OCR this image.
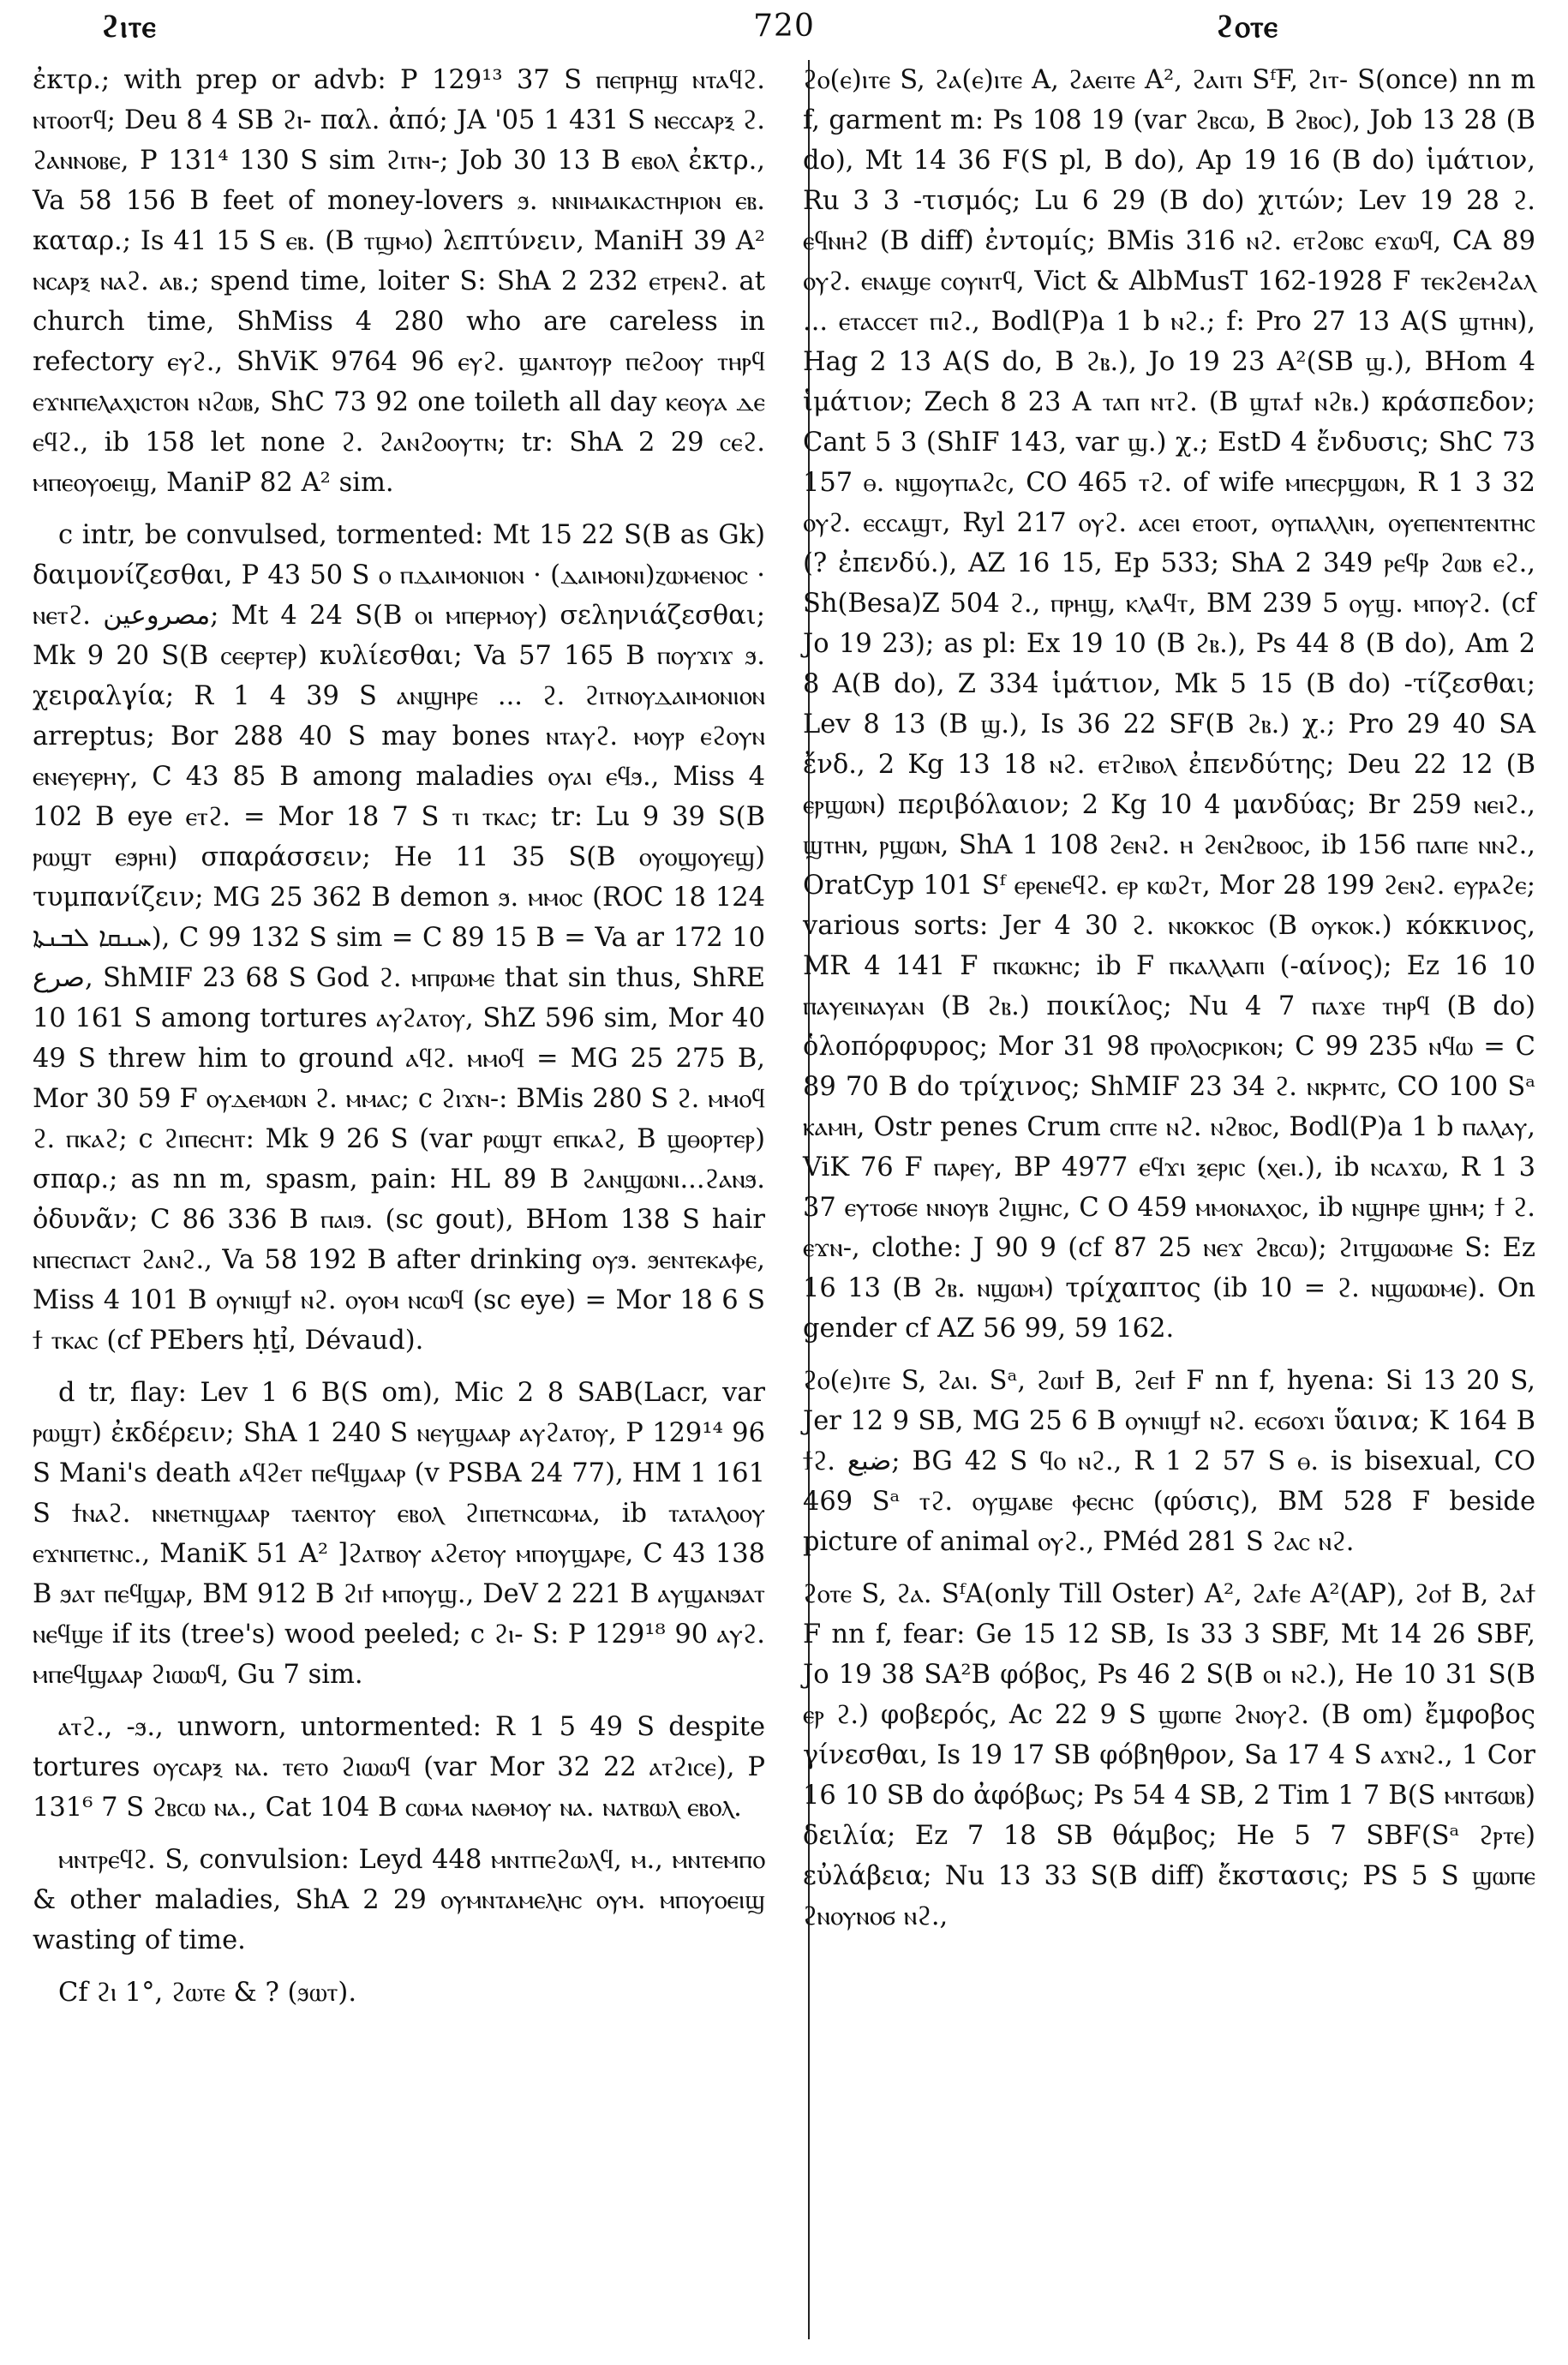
ϩⲓⲧⲉ	720	ϩⲟⲧⲉ

ἐκτρ.; with prep or advb: P 129¹³ 37 S ⲡⲉⲡⲣⲏϣ ⲛⲧⲁϥϩ. ⲛⲧⲟⲟⲧϥ; Deu 8 4 SB ϩⲓ- παλ. ἀπό; JA '05 1 431 S ⲛⲉⲥⲥⲁⲣⲝ ϩ. ϩⲁⲛⲛⲟⲃⲉ, P 131⁴ 130 S sim ϩⲓⲧⲛ-; Job 30 13 B ⲉⲃⲟⲗ ἐκτρ., Va 58 156 B feet of money-lovers ϧ. ⲛⲛⲓⲙⲁⲓⲕⲁⲥⲧⲏⲣⲓⲟⲛ ⲉⲃ. καταρ.; Is 41 15 S ⲉⲃ. (B ⲧϣⲙⲟ) λεπτύνειν, ManiH 39 A² ⲛⲥⲁⲣⲝ ⲛⲁϩ. ⲁⲃ.; spend time, loiter S: ShA 2 232 ⲉⲧⲣⲉⲛϩ. at church time, ShMiss 4 280 who are careless in refectory ⲉⲩϩ., ShViK 9764 96 ⲉⲩϩ. ϣⲁⲛⲧⲟⲩⲣ ⲡⲉϩⲟⲟⲩ ⲧⲏⲣϥ ⲉϫⲛⲡⲉⲗⲁⲭⲓⲥⲧⲟⲛ ⲛϩⲱⲃ, ShC 73 92 one toileth all day ⲕⲉⲟⲩⲁ ⲇⲉ ⲉϥϩ., ib 158 let none ϩ. ϩⲁⲛϩⲟⲟⲩⲧⲛ; tr: ShA 2 29 ⲥⲉϩ. ⲙⲡⲉⲟⲩⲟⲉⲓϣ, ManiP 82 A² sim.

c intr, be convulsed, tormented: Mt 15 22 S(B as Gk) δαιμονίζεσθαι, P 43 50 S ⲟ ⲡⲇⲁⲓⲙⲟⲛⲓⲟⲛ · (ⲇⲁⲓⲙⲟⲛⲓ)ⲍⲱⲙⲉⲛⲟⲥ · ⲛⲉⲧϩ. مصروعين; Mt 4 24 S(B ⲟⲓ ⲙⲡⲉⲣⲙⲟⲩ) σεληνιάζεσθαι; Mk 9 20 S(B ⲥⲉⲉⲣⲧⲉⲣ) κυλίεσθαι; Va 57 165 B ⲡⲟⲩϫⲓϫ ϧ. χειραλγία; R 1 4 39 S ⲁⲛϣⲏⲣⲉ ... ϩ. ϩⲓⲧⲛⲟⲩⲇⲁⲓⲙⲟⲛⲓⲟⲛ arreptus; Bor 288 40 S may bones ⲛⲧⲁⲩϩ. ⲙⲟⲩⲣ ⲉϩⲟⲩⲛ ⲉⲛⲉⲩⲉⲣⲏⲩ, C 43 85 B among maladies ⲟⲩⲁⲓ ⲉϥϧ., Miss 4 102 B eye ⲉⲧϩ. = Mor 18 7 S ⲧⲓ ⲧⲕⲁⲥ; tr: Lu 9 39 S(B ⲣⲱϣⲧ ⲉϧⲣⲏⲓ) σπαράσσειν; He 11 35 S(B ⲟⲩⲟϣⲟⲩⲉϣ) τυμπανίζειν; MG 25 362 B demon ϧ. ⲙⲙⲟⲥ (ROC 18 124 ܚܢܩܐ ܠܒܢܬܐ), C 99 132 S sim = C 89 15 B = Va ar 172 10 صرع, ShMIF 23 68 S God ϩ. ⲙⲡⲣⲱⲙⲉ that sin thus, ShRE 10 161 S among tortures ⲁⲩϩⲁⲧⲟⲩ, ShZ 596 sim, Mor 40 49 S threw him to ground ⲁϥϩ. ⲙⲙⲟϥ = MG 25 275 B, Mor 30 59 F ⲟⲩⲇⲉⲙⲱⲛ ϩ. ⲙⲙⲁⲥ; c ϩⲓϫⲛ-: BMis 280 S ϩ. ⲙⲙⲟϥ ϩ. ⲡⲕⲁϩ; c ϩⲓⲡⲉⲥⲏⲧ: Mk 9 26 S (var ⲣⲱϣⲧ ⲉⲡⲕⲁϩ, B ϣⲑⲟⲣⲧⲉⲣ) σπαρ.; as nn m, spasm, pain: HL 89 B ϩⲁⲛϣⲱⲛⲓ...ϩⲁⲛϧ. ὀδυνᾶν; C 86 336 B ⲡⲁⲓϧ. (sc gout), BHom 138 S hair ⲛⲡⲉⲥⲡⲁⲥⲧ ϩⲁⲛϩ., Va 58 192 B after drinking ⲟⲩϧ. ϧⲉⲛⲧⲉⲕⲁⲫⲉ, Miss 4 101 B ⲟⲩⲛⲓϣϯ ⲛϩ. ⲟⲩⲟⲙ ⲛⲥⲱϥ (sc eye) = Mor 18 6 S ϯ ⲧⲕⲁⲥ (cf PEbers ḥṯỉ, Dévaud).

d tr, flay: Lev 1 6 B(S om), Mic 2 8 SAB(Lacr, var ⲣⲱϣⲧ) ἐκδέρειν; ShA 1 240 S ⲛⲉⲩϣⲁⲁⲣ ⲁⲩϩⲁⲧⲟⲩ, P 129¹⁴ 96 S Mani's death ⲁϥϩⲉⲧ ⲡⲉϥϣⲁⲁⲣ (v PSBA 24 77), HM 1 161 S ϯⲛⲁϩ. ⲛⲛⲉⲧⲛϣⲁⲁⲣ ⲧⲁⲉⲛⲧⲟⲩ ⲉⲃⲟⲗ ϩⲓⲡⲉⲧⲛⲥⲱⲙⲁ, ib ⲧⲁⲧⲁⲗⲟⲟⲩ ⲉϫⲛⲡⲉⲧⲛⲥ., ManiK 51 A² ]ϩⲁⲧⲃⲟⲩ ⲁϩⲉⲧⲟⲩ ⲙⲡⲟⲩϣⲁⲣⲉ, C 43 138 B ϧⲁⲧ ⲡⲉϥϣⲁⲣ, BM 912 B ϩⲓϯ ⲙⲡⲟⲩϣ., DeV 2 221 B ⲁⲩϣⲁⲛϧⲁⲧ ⲛⲉϥϣⲉ if its (tree's) wood peeled; c ϩⲓ- S: P 129¹⁸ 90 ⲁⲩϩ. ⲙⲡⲉϥϣⲁⲁⲣ ϩⲓⲱⲱϥ, Gu 7 sim.

ⲁⲧϩ., -ϧ., unworn, untormented: R 1 5 49 S despite tortures ⲟⲩⲥⲁⲣⲝ ⲛⲁ. ⲧⲉⲧⲟ ϩⲓⲱⲱϥ (var Mor 32 22 ⲁⲧϩⲓⲥⲉ), P 131⁶ 7 S ϩⲃⲥⲱ ⲛⲁ., Cat 104 B ⲥⲱⲙⲁ ⲛⲁⲑⲙⲟⲩ ⲛⲁ. ⲛⲁⲧⲃⲱⲗ ⲉⲃⲟⲗ.

ⲙⲛⲧⲣⲉϥϩ. S, convulsion: Leyd 448 ⲙⲛⲧⲡⲉϩⲱⲗϥ, ⲙ., ⲙⲛⲧⲉⲙⲡⲟ & other maladies, ShA 2 29 ⲟⲩⲙⲛⲧⲁⲙⲉⲗⲏⲥ ⲟⲩⲙ. ⲙⲡⲟⲩⲟⲉⲓϣ wasting of time.

Cf ϩⲓ 1°, ϩⲱⲧⲉ & ? (ϧⲱⲧ).

ϩⲟ(ⲉ)ⲓⲧⲉ S, ϩⲁ(ⲉ)ⲓⲧⲉ A, ϩⲁⲉⲓⲧⲉ A², ϩⲁⲓⲧⲓ SᶠF, ϩⲓⲧ- S(once) nn m f, garment m: Ps 108 19 (var ϩⲃⲥⲱ, B ϩⲃⲟⲥ), Job 13 28 (B do), Mt 14 36 F(S pl, B do), Ap 19 16 (B do) ἱμάτιον, Ru 3 3 -τισμός; Lu 6 29 (B do) χιτών; Lev 19 28 ϩ. ⲉϥⲛⲏϩ (B diff) ἐντομίς; BMis 316 ⲛϩ. ⲉⲧϩⲟⲃⲥ ⲉϫⲱϥ, CA 89 ⲟⲩϩ. ⲉⲛⲁϣⲉ ⲥⲟⲩⲛⲧϥ, Vict & AlbMusT 162-1928 F ⲧⲉⲕϩⲉⲙϩⲁⲗ ... ⲉⲧⲁⲥⲥⲉⲧ ⲡⲓϩ., Bodl(P)a 1 b ⲛϩ.; f: Pro 27 13 A(S ϣⲧⲏⲛ), Hag 2 13 A(S do, B ϩⲃ.), Jo 19 23 A²(SB ϣ.), BHom 4 ἱμάτιον; Zech 8 23 A ⲧⲁⲡ ⲛⲧϩ. (B ϣⲧⲁϯ ⲛϩⲃ.) κράσπεδον; Cant 5 3 (ShIF 143, var ϣ.) χ.; EstD 4 ἔνδυσις; ShC 73 157 ⲑ. ⲛϣⲟⲩⲡⲁϩⲥ, CO 465 ⲧϩ. of wife ⲙⲡⲉⲥⲣϣⲱⲛ, R 1 3 32 ⲟⲩϩ. ⲉⲥⲥⲁϣⲧ, Ryl 217 ⲟⲩϩ. ⲁⲥⲉⲓ ⲉⲧⲟⲟⲧ, ⲟⲩⲡⲁⲗⲗⲓⲛ, ⲟⲩⲉⲡⲉⲛⲧⲉⲛⲧⲏⲥ (? ἐπενδύ.), AZ 16 15, Ep 533; ShA 2 349 ⲣⲉϥⲣ ϩⲱⲃ ⲉϩ., Sh(Besa)Z 504 ϩ., ⲡⲣⲏϣ, ⲕⲗⲁϥⲧ, BM 239 5 ⲟⲩϣ. ⲙⲡⲟⲩϩ. (cf Jo 19 23); as pl: Ex 19 10 (B ϩⲃ.), Ps 44 8 (B do), Am 2 8 A(B do), Z 334 ἱμάτιον, Mk 5 15 (B do) -τίζεσθαι; Lev 8 13 (B ϣ.), Is 36 22 SF(B ϩⲃ.) χ.; Pro 29 40 SA ἔνδ., 2 Kg 13 18 ⲛϩ. ⲉⲧϩⲓⲃⲟⲗ ἐπενδύτης; Deu 22 12 (B ⲉⲣϣⲱⲛ) περιβόλαιον; 2 Kg 10 4 μανδύας; Br 259 ⲛⲉⲓϩ., ϣⲧⲏⲛ, ⲣϣⲱⲛ, ShA 1 108 ϩⲉⲛϩ. ⲏ ϩⲉⲛϩⲃⲟⲟⲥ, ib 156 ⲡⲁⲡⲉ ⲛⲛϩ., OratCyp 101 Sᶠ ⲉⲣⲉⲛⲉϥϩ. ⲉⲣ ⲕⲱϩⲧ, Mor 28 199 ϩⲉⲛϩ. ⲉⲩⲣⲁϩⲉ; various sorts: Jer 4 30 ϩ. ⲛⲕⲟⲕⲕⲟⲥ (B ⲟⲩⲕⲟⲕ.) κόκκινος, MR 4 141 F ⲡⲕⲱⲕⲏⲥ; ib F ⲡⲕⲁⲗⲗⲁⲡⲓ (-αίνος); Ez 16 10 ⲡⲁⲩⲉⲓⲛⲁⲩⲁⲛ (B ϩⲃ.) ποικίλος; Nu 4 7 ⲡⲁϫⲉ ⲧⲏⲣϥ (B do) ὁλοπόρφυρος; Mor 31 98 ⲡⲣⲟⲗⲟⲥⲣⲓⲕⲟⲛ; C 99 235 ⲛϥⲱ = C 89 70 B do τρίχινος; ShMIF 23 34 ϩ. ⲛⲕⲣⲙⲧⲥ, CO 100 Sᵃ ⲕⲁⲙⲏ, Ostr penes Crum ⲥⲡⲧⲉ ⲛϩ. ⲛϩⲃⲟⲥ, Bodl(P)a 1 b ⲡⲁⲗⲁⲩ, ViK 76 F ⲡⲁⲣⲉⲩ, BP 4977 ⲉϥϫⲓ ⲝⲉⲣⲓⲥ (ⲭⲉⲓ.), ib ⲛⲥⲁϫⲱ, R 1 3 37 ⲉⲩⲧⲟϭⲉ ⲛⲛⲟⲩⲃ ϩⲓϣⲏⲥ, C O 459 ⲙⲙⲟⲛⲁⲭⲟⲥ, ib ⲛϣⲏⲣⲉ ϣⲏⲙ; ϯ ϩ. ⲉϫⲛ-, clothe: J 90 9 (cf 87 25 ⲛⲉϫ ϩⲃⲥⲱ); ϩⲓⲧϣⲱⲱⲙⲉ S: Ez 16 13 (B ϩⲃ. ⲛϣⲱⲙ) τρίχαπτος (ib 10 = ϩ. ⲛϣⲱⲱⲙⲉ). On gender cf AZ 56 99, 59 162.

ϩⲟ(ⲉ)ⲓⲧⲉ S, ϩⲁⲓ. Sᵃ, ϩⲱⲓϯ B, ϩⲉⲓϯ F nn f, hyena: Si 13 20 S, Jer 12 9 SB, MG 25 6 B ⲟⲩⲛⲓϣϯ ⲛϩ. ⲉⲥϭⲟϫⲓ ὕαινα; K 164 B ϯϩ. ضبع; BG 42 S ϥⲟ ⲛϩ., R 1 2 57 S ⲑ. is bisexual, CO 469 Sᵃ ⲧϩ. ⲟⲩϣⲁⲃⲉ ⲫⲉⲥⲏⲥ (φύσις), BM 528 F beside picture of animal ⲟⲩϩ., PMéd 281 S ϩⲁⲥ ⲛϩ.

ϩⲟⲧⲉ S, ϩⲁ. SᶠA(only Till Oster) A², ϩⲁϯⲉ A²(AP), ϩⲟϯ B, ϩⲁϯ F nn f, fear: Ge 15 12 SB, Is 33 3 SBF, Mt 14 26 SBF, Jo 19 38 SA²B φόβος, Ps 46 2 S(B ⲟⲓ ⲛϩ.), He 10 31 S(B ⲉⲣ ϩ.) φοβερός, Ac 22 9 S ϣⲱⲡⲉ ϩⲛⲟⲩϩ. (B om) ἔμφοβος γίνεσθαι, Is 19 17 SB φόβηθρον, Sa 17 4 S ⲁϫⲛϩ., 1 Cor 16 10 SB do ἀφόβως; Ps 54 4 SB, 2 Tim 1 7 B(S ⲙⲛⲧϭⲱⲃ) δειλία; Ez 7 18 SB θάμβος; He 5 7 SBF(Sᵃ ϩⲣⲧⲉ) εὐλάβεια; Nu 13 33 S(B diff) ἔκστασις; PS 5 S ϣⲱⲡⲉ ϩⲛⲟⲩⲛⲟϭ ⲛϩ.,
